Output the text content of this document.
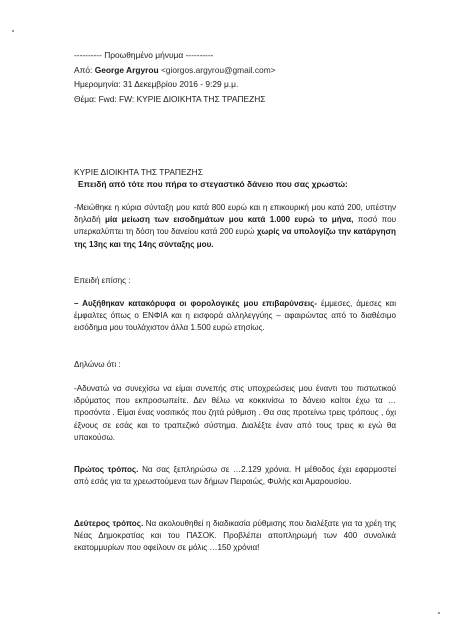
---------- Προωθημένο μήνυμα ----------
Από: George Argyrou <giorgos.argyrou@gmail.com>
Ημερομηνία: 31 Δεκεμβρίου 2016 - 9:29 μ.μ.
Θέμα: Fwd: FW: ΚΥΡΙΕ ΔΙΟΙΚΗΤΑ ΤΗΣ ΤΡΑΠΕΖΗΣ
ΚΥΡΙΕ ΔΙΟΙΚΗΤΑ ΤΗΣ ΤΡΑΠΕΖΗΣ
Επειδή από τότε που πήρα το στεγαστικό δάνειο που σας χρωστώ:
-Μειώθηκε η κύρια σύνταξη μου κατά 800 ευρώ και η επικουρική μου κατά 200, υπέστην δηλαδή μία μείωση των εισοδημάτων μου κατά 1.000 ευρώ το μήνα, ποσό που υπερκαλύπτει τη δόση του δανείου κατά 200 ευρώ χωρίς να υπολογίζω την κατάργηση της 13ης και της 14ης σύνταξης μου.
Επειδή επίσης :
– Αυξήθηκαν κατακόρυφα οι φορολογικές μου επιβαρύνσεις- έμμεσες, άμεσες και έμφαλτες όπως ο ΕΝΦΙΑ και η εισφορά αλληλεγγύης – αφαιρώντας από το διαθέσιμο εισόδημα μου τουλάχιστον άλλα 1.500 ευρώ ετησίως.
Δηλώνω ότι :
-Αδυνατώ να συνεχίσω να είμαι συνεπής στις υποχρεώσεις μου έναντι του πιστωτικού ιδρύματος που εκπροσωπείτε. Δεν θέλω να κοκκινίσω το δάνειο καίτοι έχω τα …προσόντα . Είμαι ένας νοσιτικός που ζητά ρύθμιση . Θα σας προτείνω τρεις τρόπους , όχι έξνους σε εσάς και το τραπεζικό σύστημα. Διαλέξτε έναν από τους τρεις κι εγώ θα υπακούσω.
Πρώτος τρόπος. Να σας ξεπληρώσω σε …2.129 χρόνια. Η μέθοδος έχει εφαρμοστεί από εσάς για τα χρεωστούμενα των δήμων Πειραιώς, Φυλής και Αμαρουσίου.
Δεύτερος τρόπος. Να ακολουθηθεί η διαδικασία ρύθμισης που διαλέξατε για τα χρέη της Νέας Δημοκρατίας και του ΠΑΣΟΚ. Προβλέπει αποπληρωμή των 400 συνολικά εκατομμυρίων που οφείλουν σε μόλις …150 χρόνια!
